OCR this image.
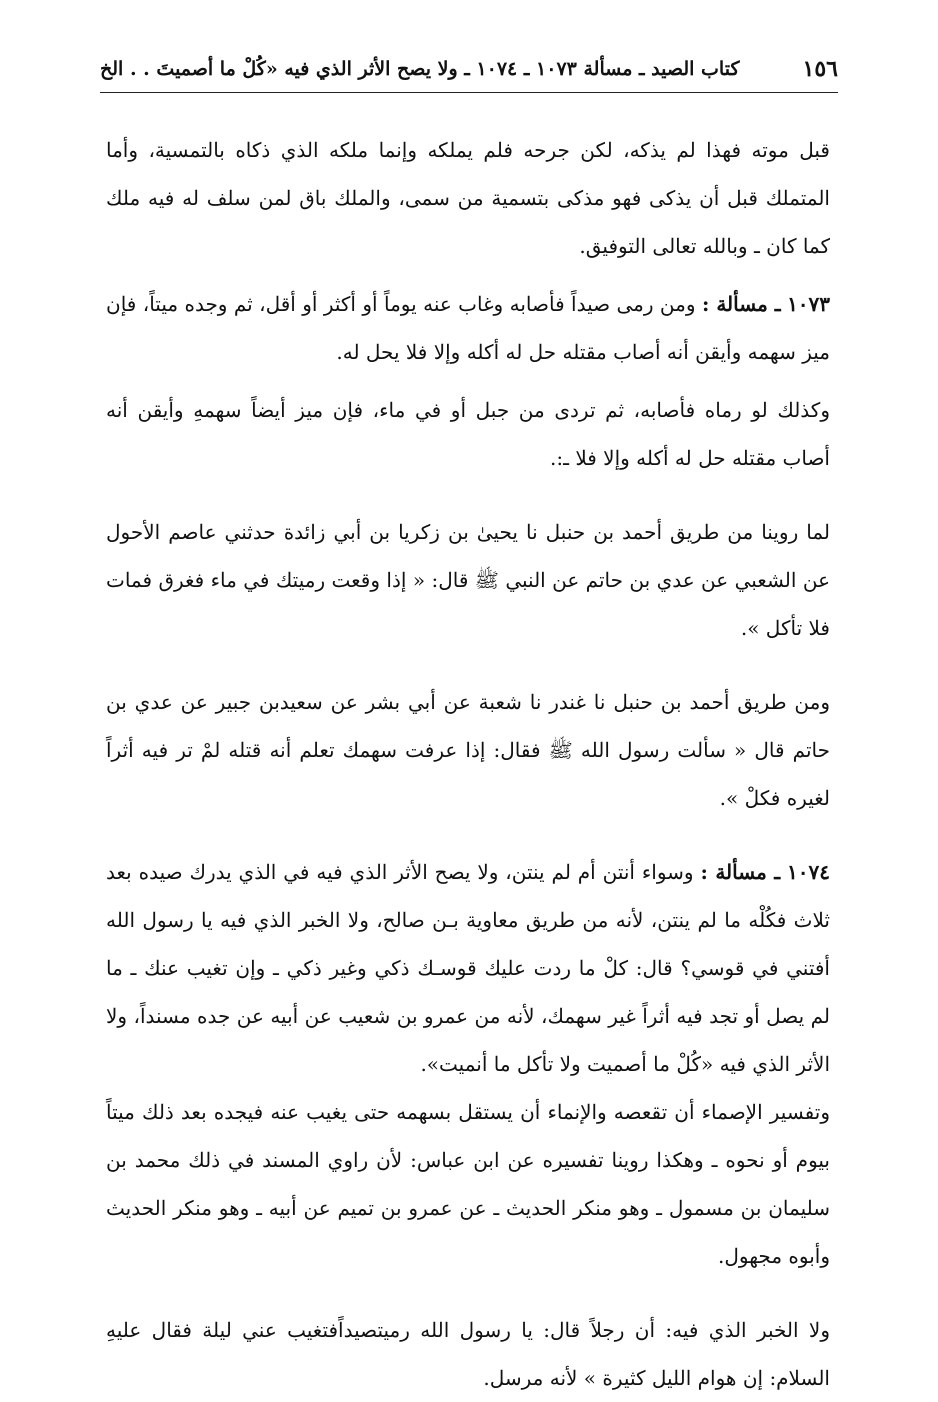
١٥٦
كتاب الصيد ـ مسألة ١٠٧٣ ـ ١٠٧٤ ـ ولا يصح الأثر الذي فيه «كُلْ ما أصميتَ . . الخ

قبل موته فهذا لم يذكه، لكن جرحه فلم يملكه وإنما ملكه الذي ذكاه بالتمسية، وأما المتملك قبل أن يذكى فهو مذكى بتسمية من سمى، والملك باق لمن سلف له فيه ملك كما كان ـ وبالله تعالى التوفيق.

١٠٧٣ ـ مسألة : ومن رمى صيداً فأصابه وغاب عنه يوماً أو أكثر أو أقل، ثم وجده ميتاً، فإن ميز سهمه وأيقن أنه أصاب مقتله حل له أكله وإلا فلا يحل له.

وكذلك لو رماه فأصابه، ثم تردى من جبل أو في ماء، فإن ميز أيضاً سهمهِ وأيقن أنه أصاب مقتله حل له أكله وإلا فلا ـ:.

لما روينا من طريق أحمد بن حنبل نا يحيىٰ بن زكريا بن أبي زائدة حدثني عاصم الأحول عن الشعبي عن عدي بن حاتم عن النبي ﷺ قال: « إذا وقعت رميتك في ماء فغرق فمات فلا تأكل ».

ومن طريق أحمد بن حنبل نا غندر نا شعبة عن أبي بشر عن سعيدبن جبير عن عدي بن حاتم قال « سألت رسول الله ﷺ فقال: إذا عرفت سهمك تعلم أنه قتله لمْ تر فيه أثراً لغيره فكلْ ».

١٠٧٤ ـ مسألة : وسواء أنتن أم لم ينتن، ولا يصح الأثر الذي فيه في الذي يدرك صيده بعد ثلاث فكُلْه ما لم ينتن، لأنه من طريق معاوية بـن صالح، ولا الخبر الذي فيه يا رسول الله أفتني في قوسي؟ قال: كلْ ما ردت عليك قوسـك ذكي وغير ذكي ـ وإن تغيب عنك ـ ما لم يصل أو تجد فيه أثراً غير سهمك، لأنه من عمرو بن شعيب عن أبيه عن جده مسنداً، ولا الأثر الذي فيه «كُلْ ما أصميت ولا تأكل ما أنميت».

وتفسير الإصماء أن تقعصه والإنماء أن يستقل بسهمه حتى يغيب عنه فيجده بعد ذلك ميتاً بيوم أو نحوه ـ وهكذا روينا تفسيره عن ابن عباس: لأن راوي المسند في ذلك محمد بن سليمان بن مسمول ـ وهو منكر الحديث ـ عن عمرو بن تميم عن أبيه ـ وهو منكر الحديث وأبوه مجهول.

ولا الخبر الذي فيه: أن رجلاً قال: يا رسول الله رميتصيداًفتغيب عني ليلة فقال عليهِ السلام: إن هوام الليل كثيرة » لأنه مرسل.
